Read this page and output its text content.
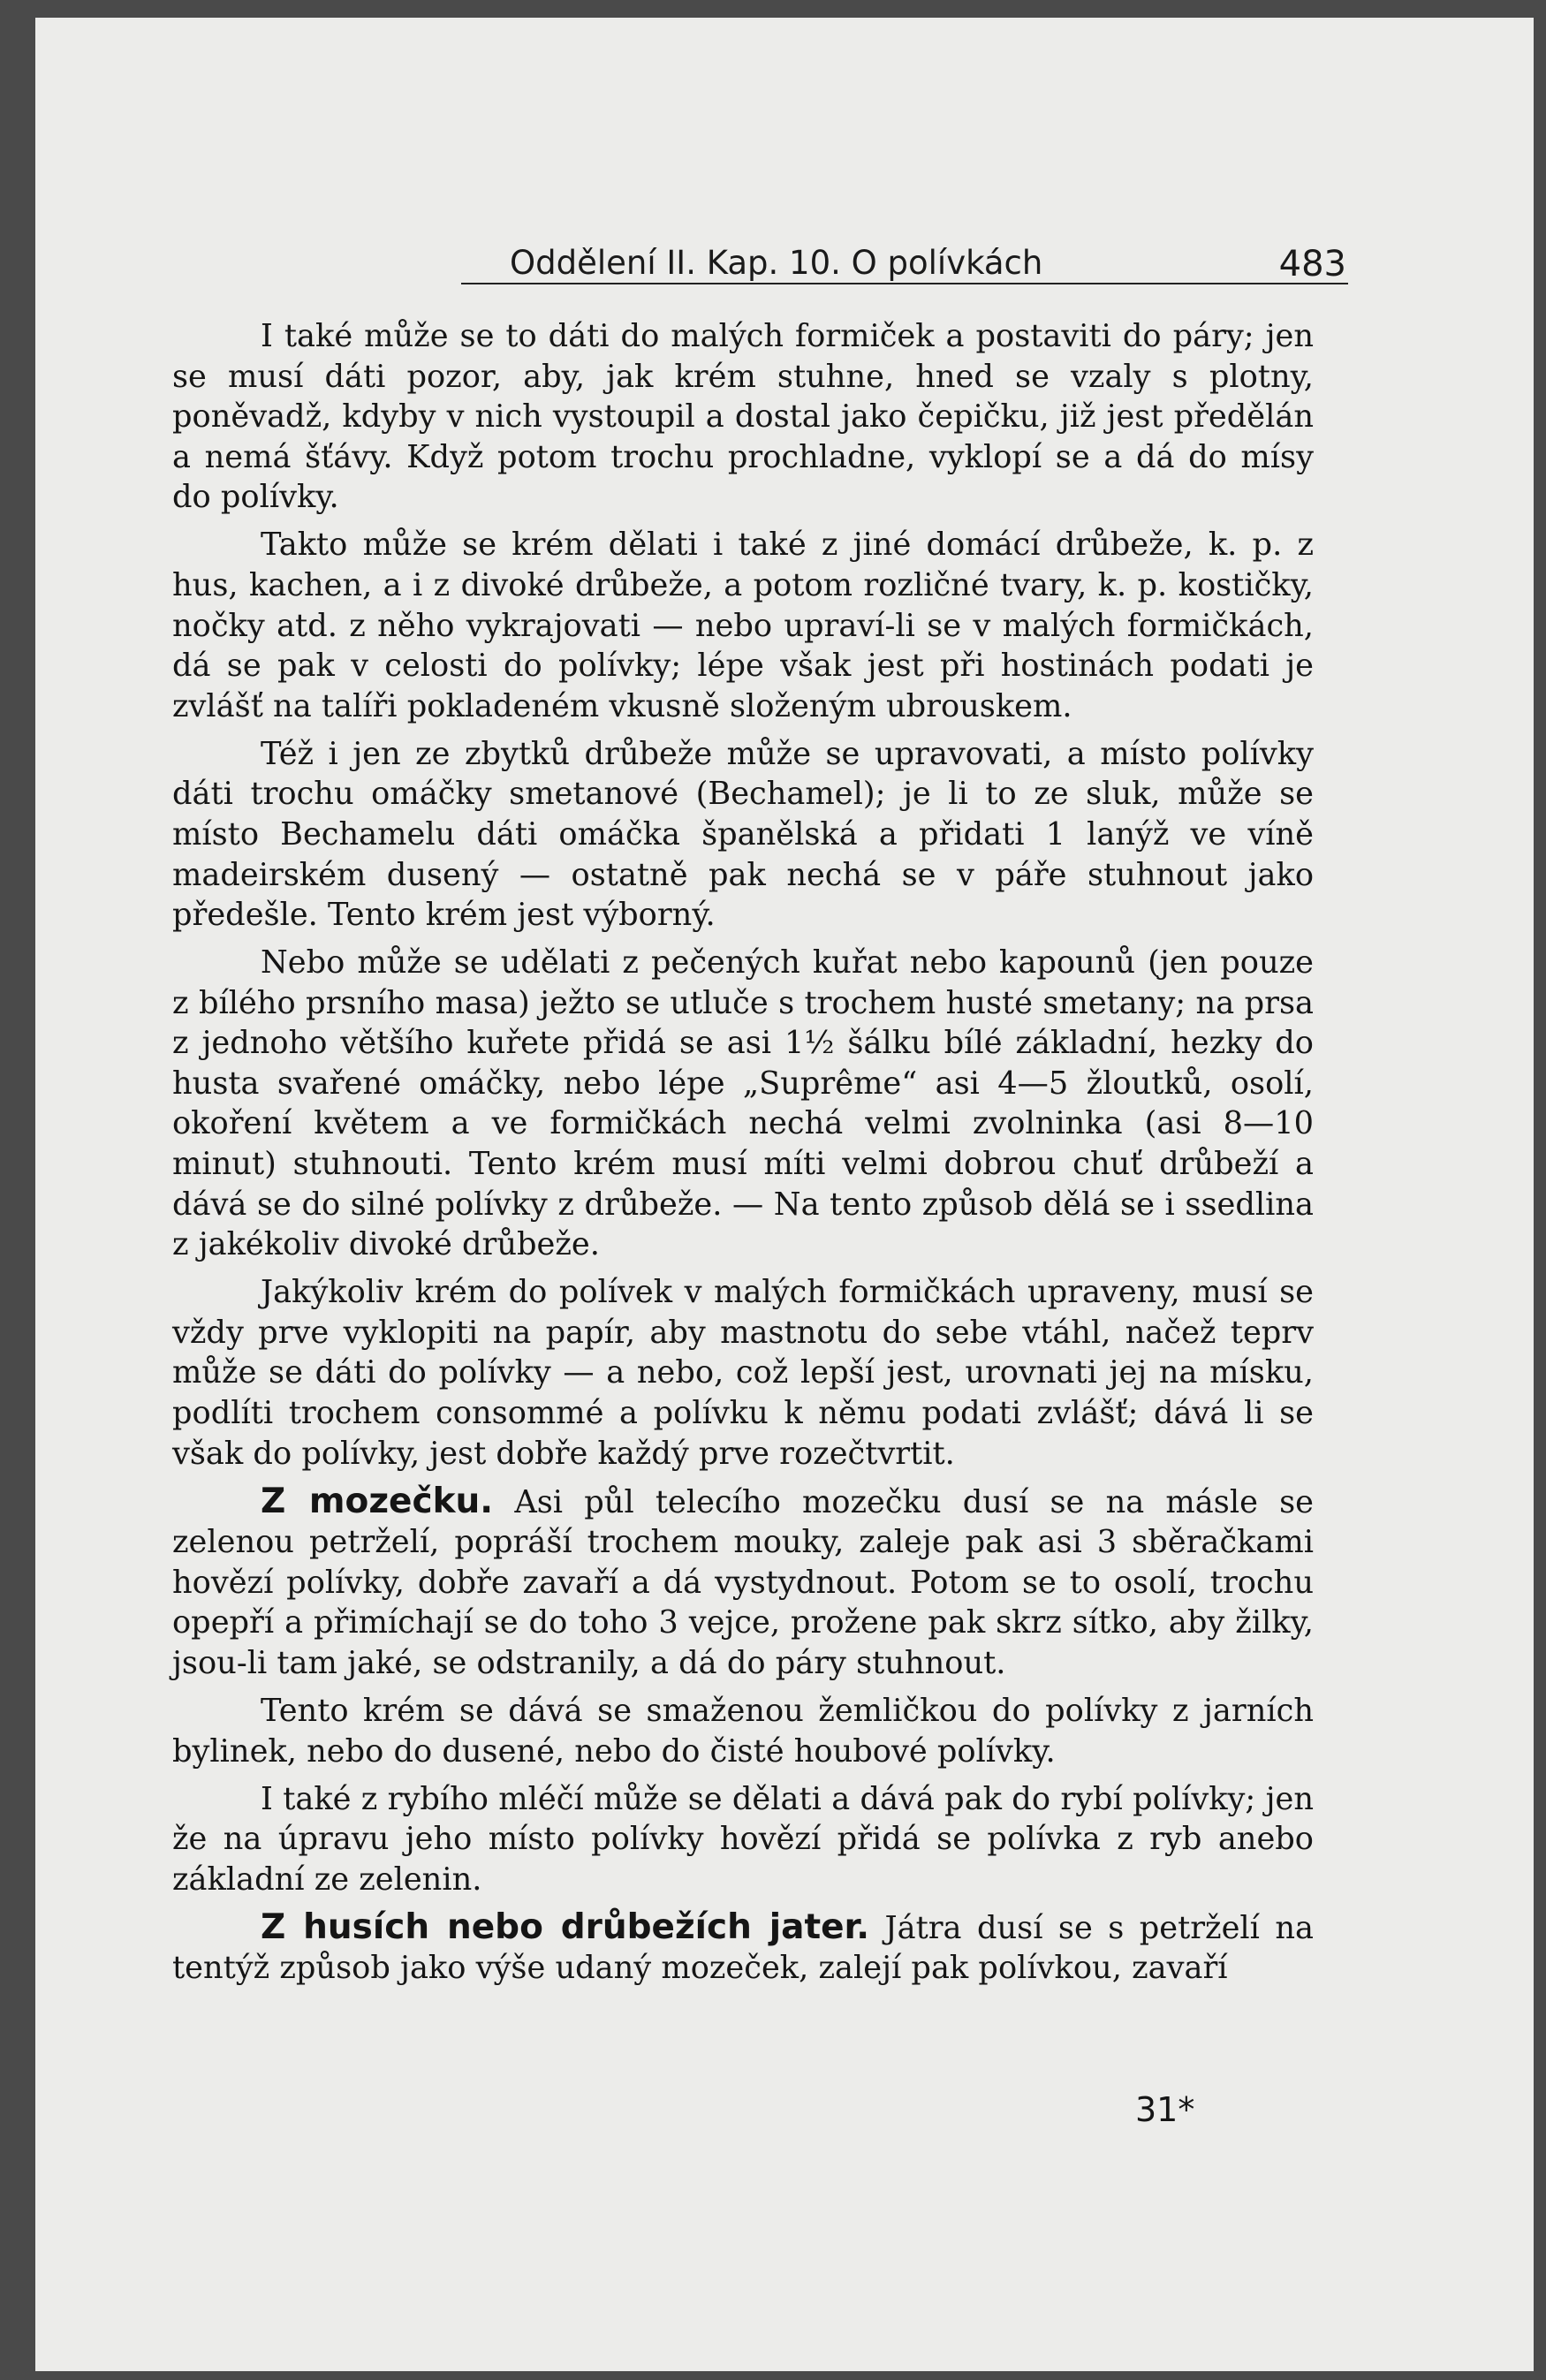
Oddělení II. Kap. 10. O polívkách	483

I také může se to dáti do malých formiček a postaviti do páry; jen se musí dáti pozor, aby, jak krém stuhne, hned se vzaly s plotny, poněvadž, kdyby v nich vystoupil a dostal jako čepičku, již jest předělán a nemá šťávy. Když potom trochu prochladne, vyklopí se a dá do mísy do polívky.

Takto může se krém dělati i také z jiné domácí drůbeže, k. p. z hus, kachen, a i z divoké drůbeže, a potom rozličné tvary, k. p. kostičky, nočky atd. z něho vykrajovati — nebo upraví-li se v malých formičkách, dá se pak v celosti do polívky; lépe však jest při hostinách podati je zvlášť na talíři pokladeném vkusně složeným ubrouskem.

Též i jen ze zbytků drůbeže může se upravovati, a místo polívky dáti trochu omáčky smetanové (Bechamel); je li to ze sluk, může se místo Bechamelu dáti omáčka španělská a přidati 1 lanýž ve víně madeirském dusený — ostatně pak nechá se v páře stuhnout jako předešle. Tento krém jest výborný.

Nebo může se udělati z pečených kuřat nebo kapounů (jen pouze z bílého prsního masa) ježto se utluče s trochem husté smetany; na prsa z jednoho většího kuřete přidá se asi 1½ šálku bílé základní, hezky do husta svařené omáčky, nebo lépe „Suprême“ asi 4—5 žloutků, osolí, okoření květem a ve formičkách nechá velmi zvolninka (asi 8—10 minut) stuhnouti. Tento krém musí míti velmi dobrou chuť drůbeží a dává se do silné polívky z drůbeže. — Na tento způsob dělá se i ssedlina z jakékoliv divoké drůbeže.

Jakýkoliv krém do polívek v malých formičkách upraveny, musí se vždy prve vyklopiti na papír, aby mastnotu do sebe vtáhl, načež teprv může se dáti do polívky — a nebo, což lepší jest, urovnati jej na mísku, podlíti trochem consommé a polívku k němu podati zvlášť; dává li se však do polívky, jest dobře každý prve rozečtvrtit.

Z mozečku. Asi půl telecího mozečku dusí se na másle se zelenou petrželí, popráší trochem mouky, zaleje pak asi 3 sběračkami hovězí polívky, dobře zavaří a dá vystydnout. Potom se to osolí, trochu opepří a přimíchají se do toho 3 vejce, prožene pak skrz sítko, aby žilky, jsou-li tam jaké, se odstranily, a dá do páry stuhnout.

Tento krém se dává se smaženou žemličkou do polívky z jarních bylinek, nebo do dusené, nebo do čisté houbové polívky.

I také z rybího mléčí může se dělati a dává pak do rybí polívky; jen že na úpravu jeho místo polívky hovězí přidá se polívka z ryb anebo základní ze zelenin.

Z husích nebo drůbežích jater. Játra dusí se s petrželí na tentýž způsob jako výše udaný mozeček, zalejí pak polívkou, zavaří

31*
